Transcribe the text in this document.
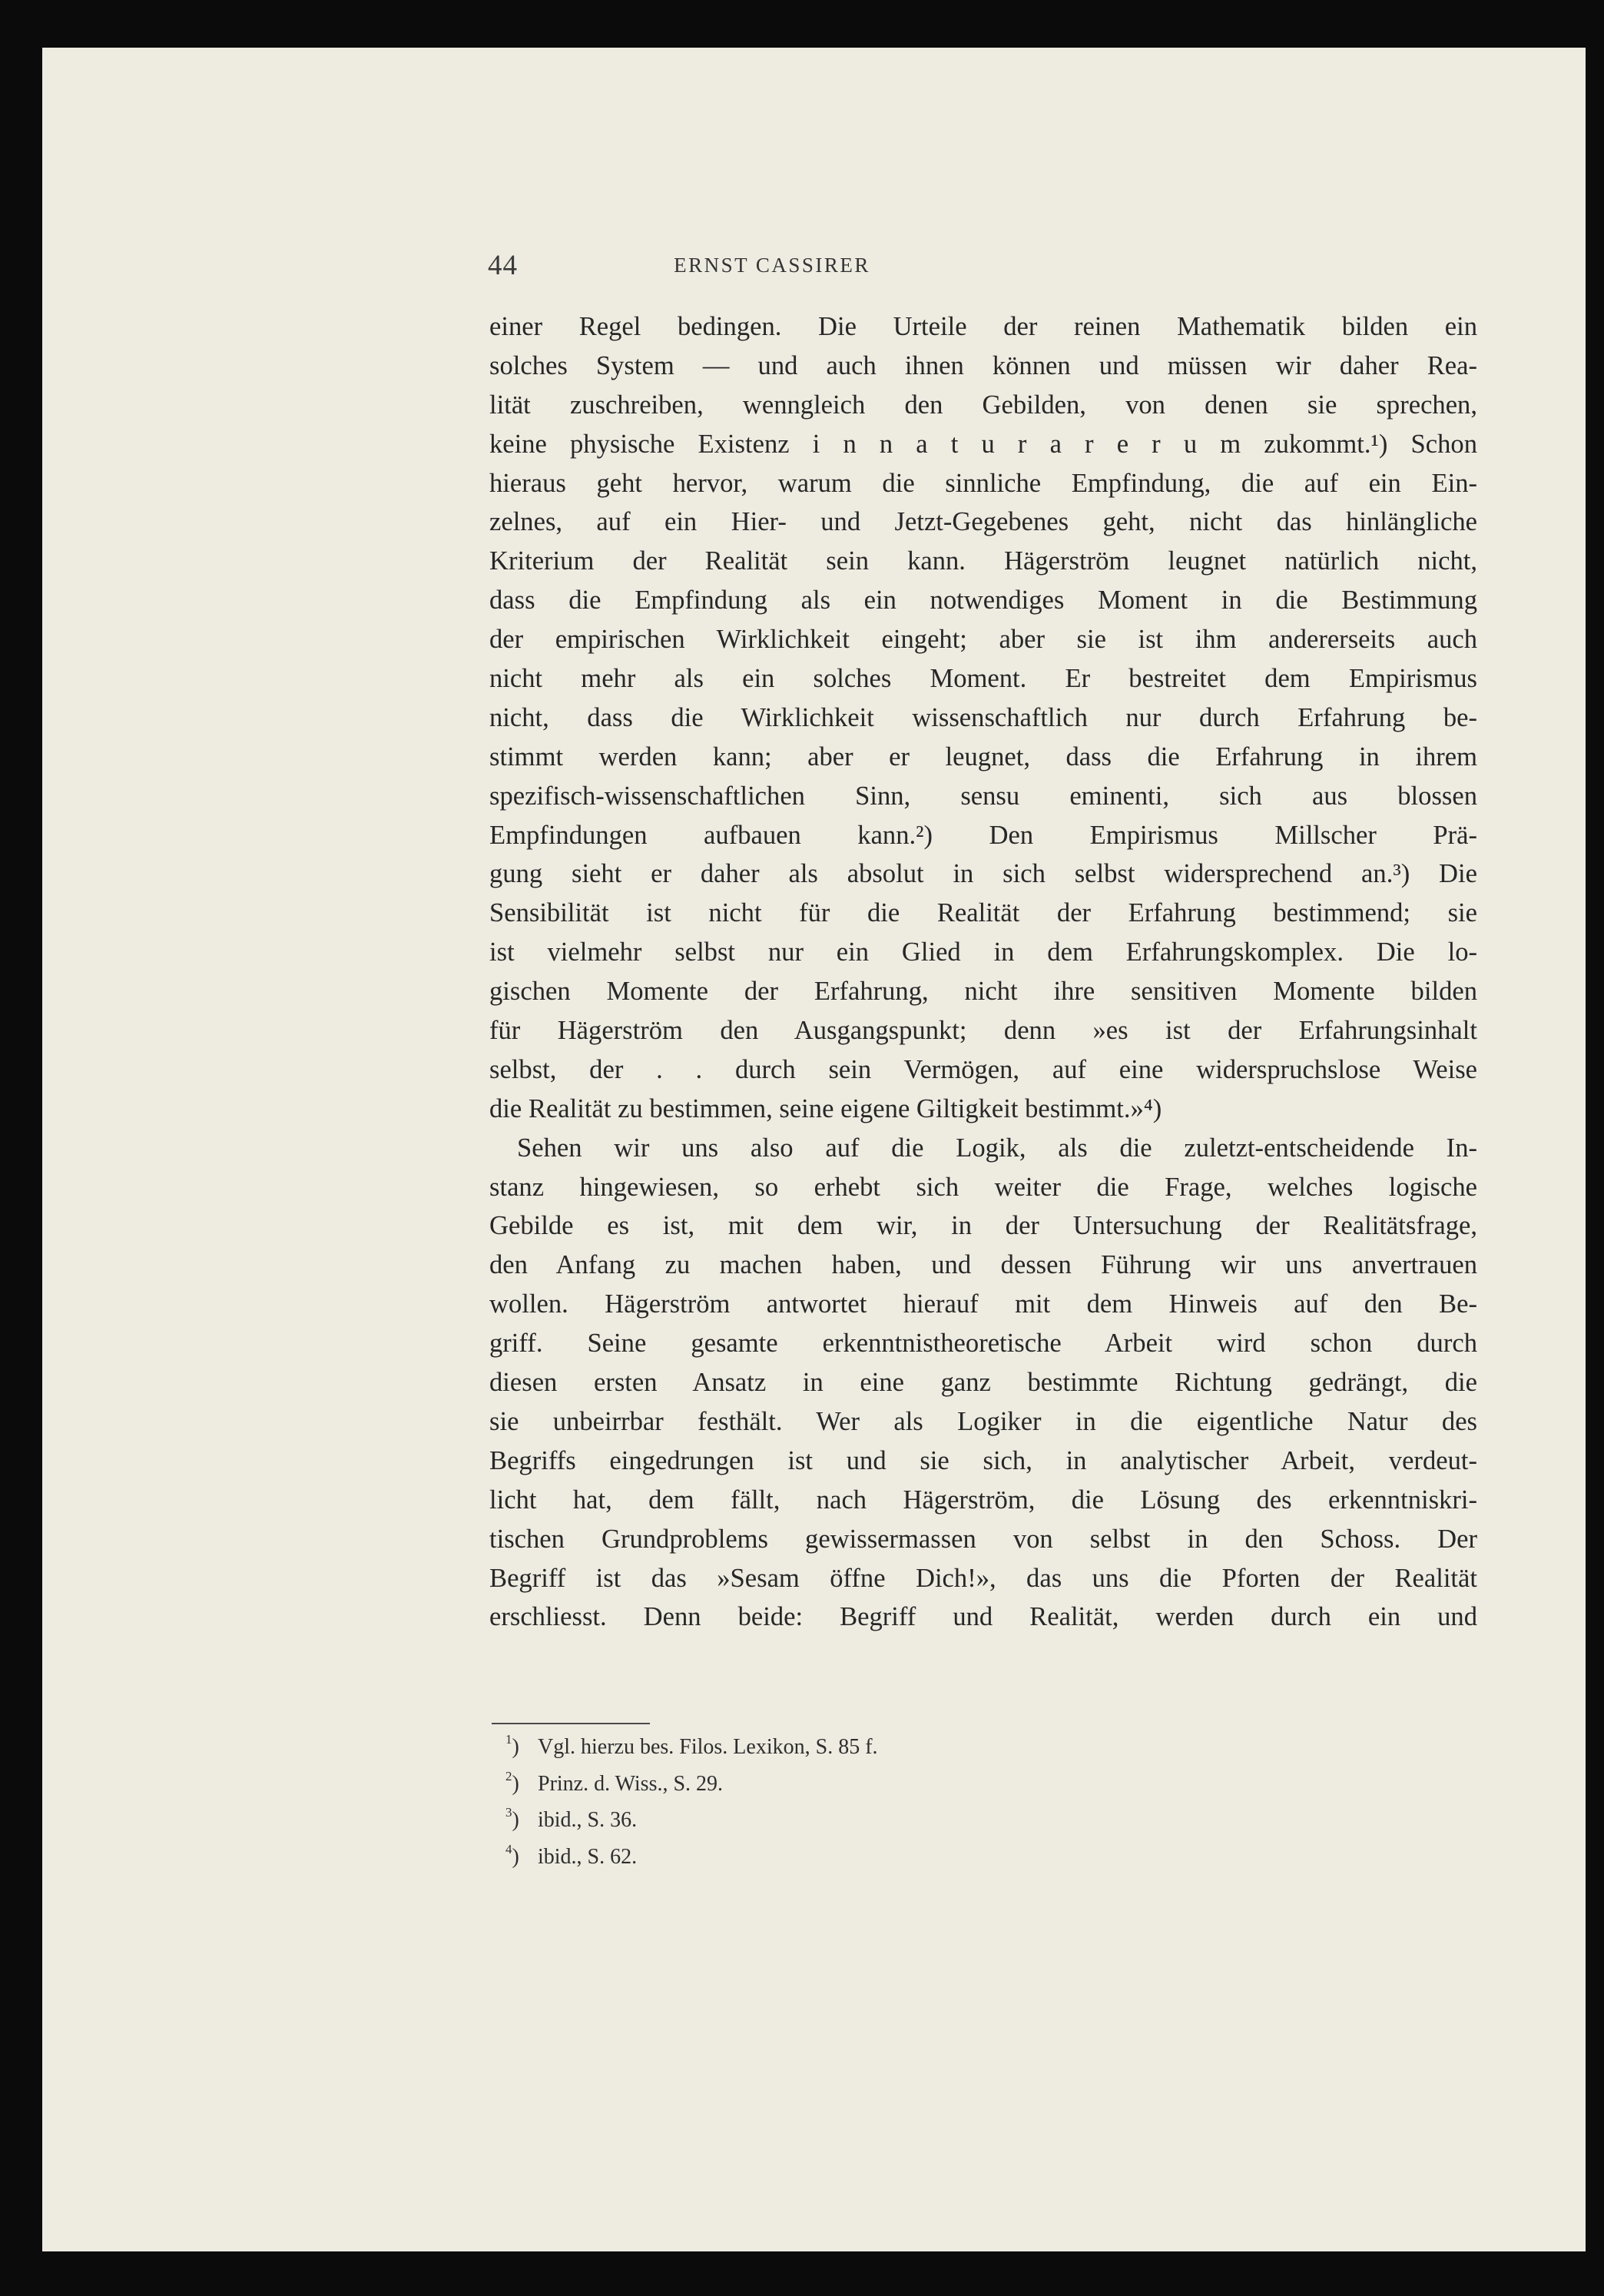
44	ERNST CASSIRER
einer Regel bedingen. Die Urteile der reinen Mathematik bilden ein
solches System — und auch ihnen können und müssen wir daher Rea-
lität zuschreiben, wenngleich den Gebilden, von denen sie sprechen,
keine physische Existenz i n n a t u r a r e r u m zukommt.¹) Schon
hieraus geht hervor, warum die sinnliche Empfindung, die auf ein Ein-
zelnes, auf ein Hier- und Jetzt-Gegebenes geht, nicht das hinlängliche
Kriterium der Realität sein kann. Hägerström leugnet natürlich nicht,
dass die Empfindung als ein notwendiges Moment in die Bestimmung
der empirischen Wirklichkeit eingeht; aber sie ist ihm andererseits auch
nicht mehr als ein solches Moment. Er bestreitet dem Empirismus
nicht, dass die Wirklichkeit wissenschaftlich nur durch Erfahrung be-
stimmt werden kann; aber er leugnet, dass die Erfahrung in ihrem
spezifisch-wissenschaftlichen Sinn, sensu eminenti, sich aus blossen
Empfindungen aufbauen kann.²) Den Empirismus Millscher Prä-
gung sieht er daher als absolut in sich selbst widersprechend an.³) Die
Sensibilität ist nicht für die Realität der Erfahrung bestimmend; sie
ist vielmehr selbst nur ein Glied in dem Erfahrungskomplex. Die lo-
gischen Momente der Erfahrung, nicht ihre sensitiven Momente bilden
für Hägerström den Ausgangspunkt; denn »es ist der Erfahrungsinhalt
selbst, der . . durch sein Vermögen, auf eine widerspruchslose Weise
die Realität zu bestimmen, seine eigene Giltigkeit bestimmt.»⁴)
Sehen wir uns also auf die Logik, als die zuletzt-entscheidende In-
stanz hingewiesen, so erhebt sich weiter die Frage, welches logische
Gebilde es ist, mit dem wir, in der Untersuchung der Realitätsfrage,
den Anfang zu machen haben, und dessen Führung wir uns anvertrauen
wollen. Hägerström antwortet hierauf mit dem Hinweis auf den Be-
griff. Seine gesamte erkenntnistheoretische Arbeit wird schon durch
diesen ersten Ansatz in eine ganz bestimmte Richtung gedrängt, die
sie unbeirrbar festhält. Wer als Logiker in die eigentliche Natur des
Begriffs eingedrungen ist und sie sich, in analytischer Arbeit, verdeut-
licht hat, dem fällt, nach Hägerström, die Lösung des erkenntniskri-
tischen Grundproblems gewissermassen von selbst in den Schoss. Der
Begriff ist das »Sesam öffne Dich!», das uns die Pforten der Realität
erschliesst. Denn beide: Begriff und Realität, werden durch ein und
$^1$) Vgl. hierzu bes. Filos. Lexikon, S. 85 f.
$^2$) Prinz. d. Wiss., S. 29.
$^3$) ibid., S. 36.
$^4$) ibid., S. 62.
